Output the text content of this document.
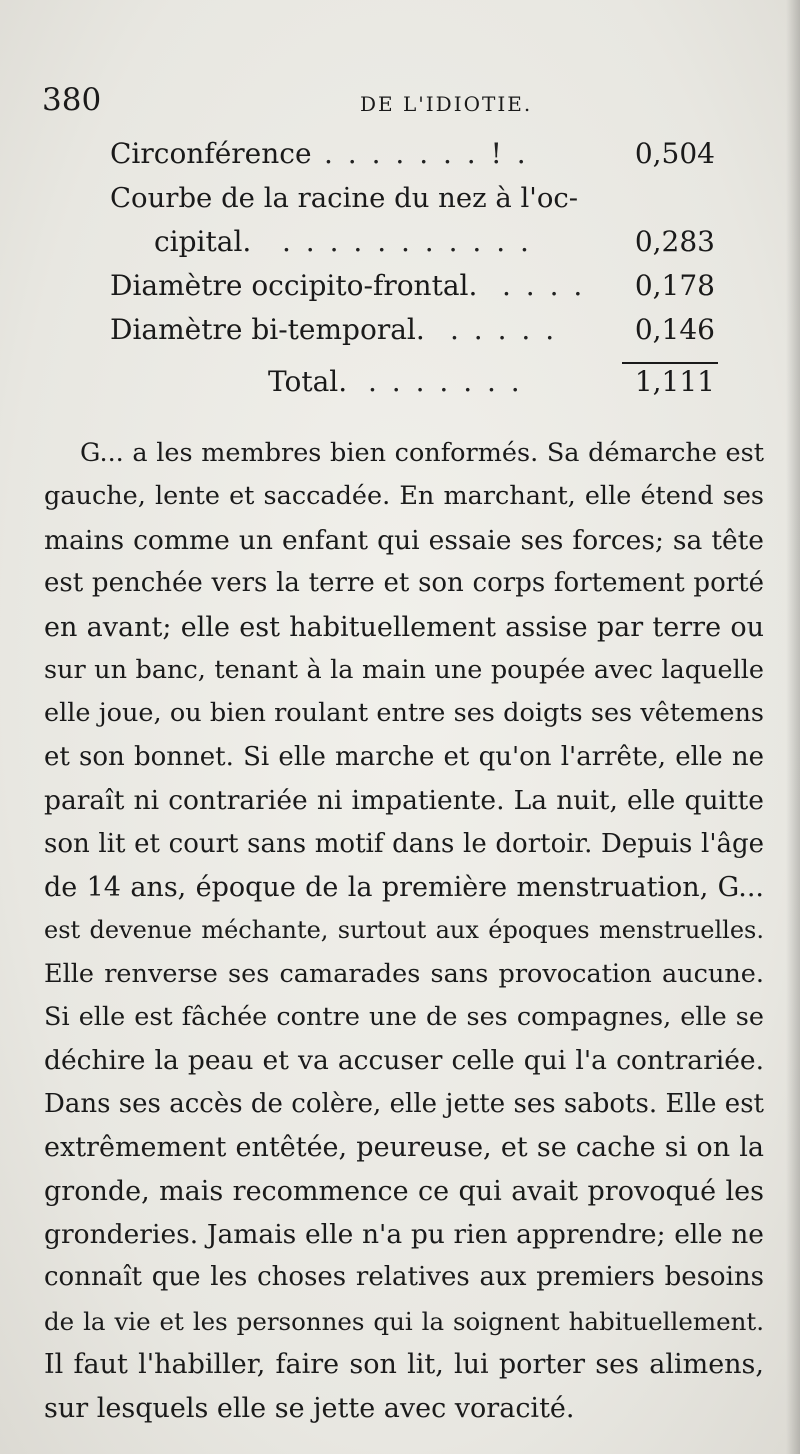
380	DE L'IDIOTIE.
Circonférence . . . . . . . ! .	0,504
Courbe de la racine du nez à l'oc-
cipital. . . . . . . . . . . .	0,283
Diamètre occipito-frontal. . . . . 0,178
Diamètre bi-temporal. . . . . .	0,146
Total. . . . . . . .	1,111
G... a les membres bien conformés. Sa démarche est
gauche, lente et saccadée. En marchant, elle étend ses
mains comme un enfant qui essaie ses forces; sa tête
est penchée vers la terre et son corps fortement porté
en avant; elle est habituellement assise par terre ou
sur un banc, tenant à la main une poupée avec laquelle
elle joue, ou bien roulant entre ses doigts ses vêtemens
et son bonnet. Si elle marche et qu'on l'arrête, elle ne
paraît ni contrariée ni impatiente. La nuit, elle quitte
son lit et court sans motif dans le dortoir. Depuis l'âge
de 14 ans, époque de la première menstruation, G...
est devenue méchante, surtout aux époques menstruelles.
Elle renverse ses camarades sans provocation aucune.
Si elle est fâchée contre une de ses compagnes, elle se
déchire la peau et va accuser celle qui l'a contrariée.
Dans ses accès de colère, elle jette ses sabots. Elle est
extrêmement entêtée, peureuse, et se cache si on la
gronde, mais recommence ce qui avait provoqué les
gronderies. Jamais elle n'a pu rien apprendre; elle ne
connaît que les choses relatives aux premiers besoins
de la vie et les personnes qui la soignent habituellement.
Il faut l'habiller, faire son lit, lui porter ses alimens,
sur lesquels elle se jette avec voracité.
